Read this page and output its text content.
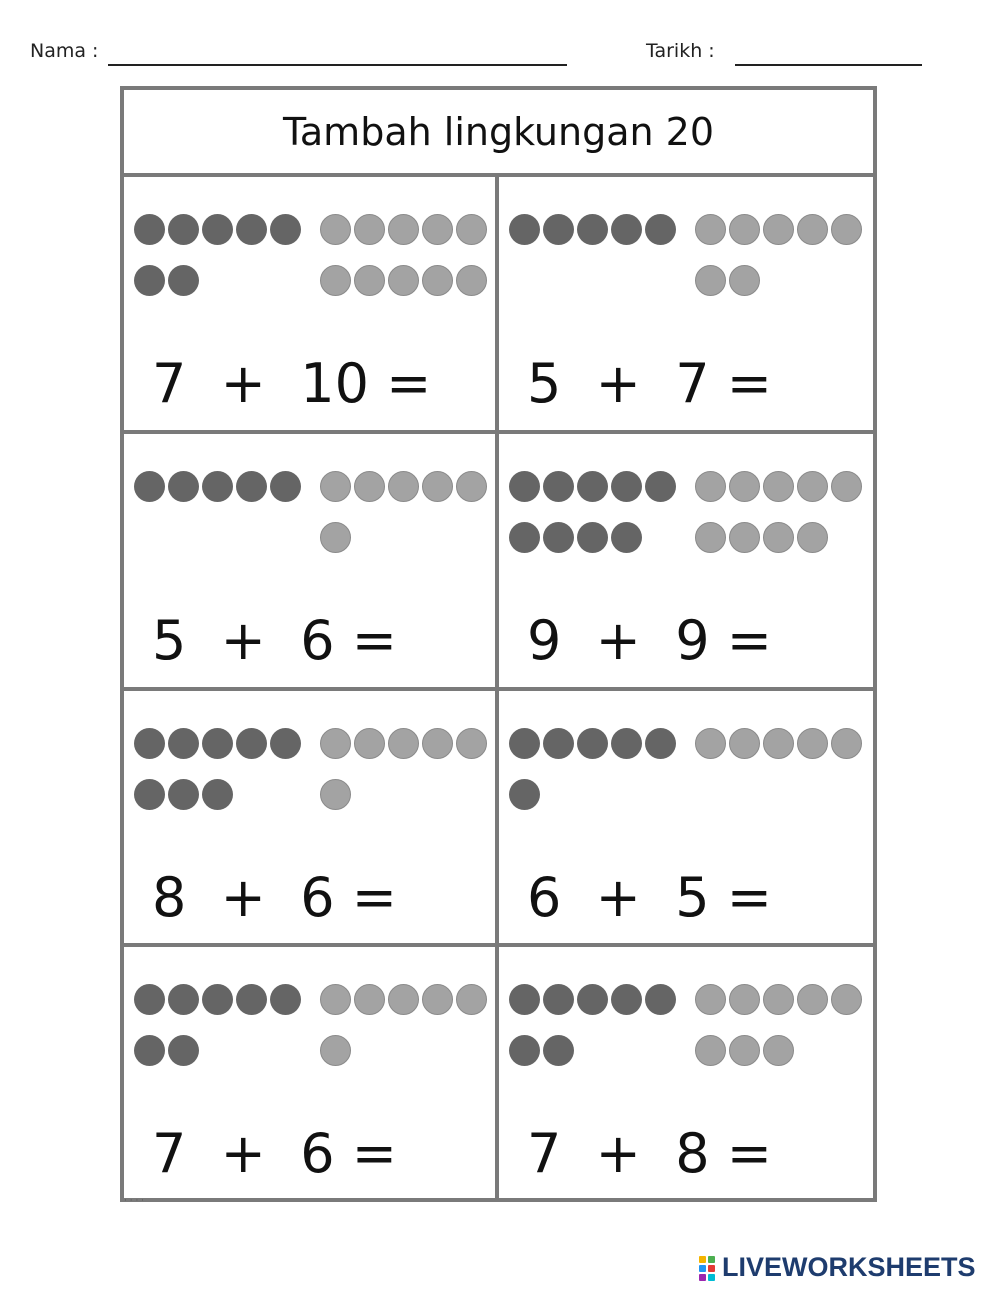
Nama :	Tarikh :
Tambah lingkungan 20
7  +  10 = 5  +  7 =
5  +  6 = 9  +  9 =
8  +  6 = 6  +  5 =
7  +  6 = 7  +  8 =
· · · ·
LIVEWORKSHEETS
